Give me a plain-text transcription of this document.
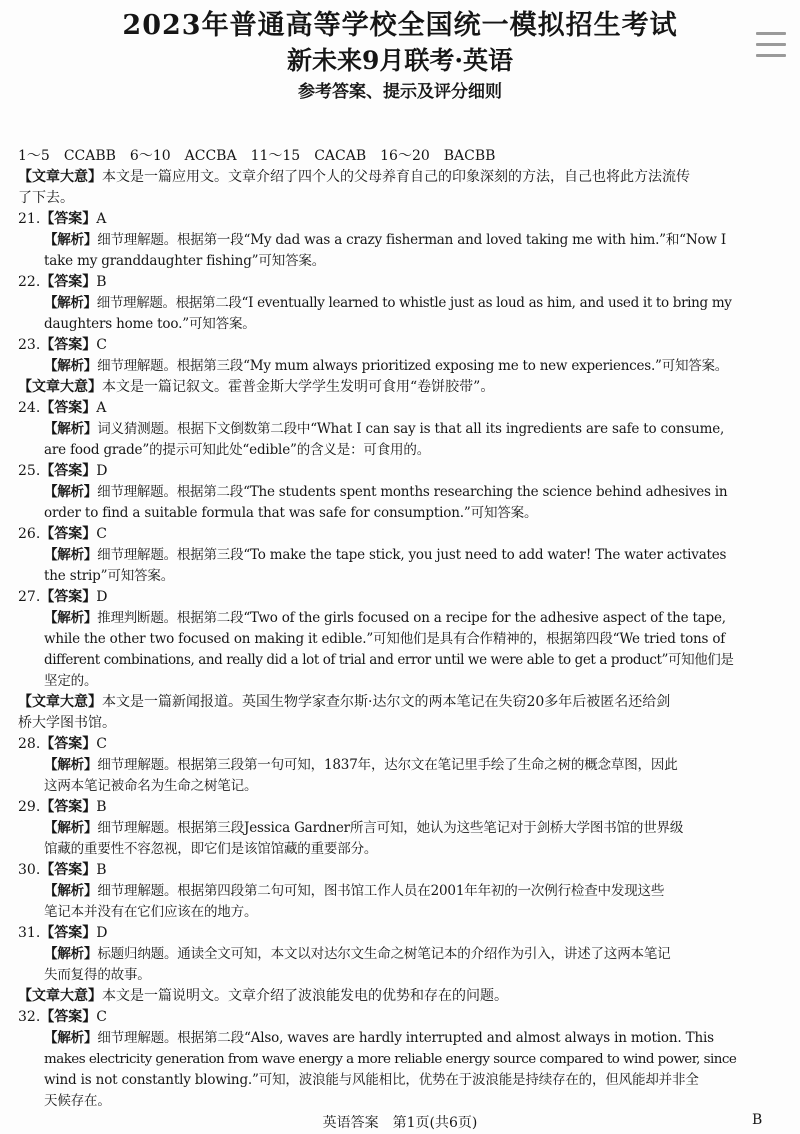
2023年普通高等学校全国统一模拟招生考试
新未来9月联考·英语
参考答案、提示及评分细则
1～5　CCABB　6～10　ACCBA　11～15　CACAB　16～20　BACBB
【文章大意】本文是一篇应用文。文章介绍了四个人的父母养育自己的印象深刻的方法，自己也将此方法流传
了下去。
21.【答案】A
【解析】细节理解题。根据第一段“My dad was a crazy fisherman and loved taking me with him.”和“Now I
take my granddaughter fishing”可知答案。
22.【答案】B
【解析】细节理解题。根据第二段“I eventually learned to whistle just as loud as him, and used it to bring my
daughters home too.”可知答案。
23.【答案】C
【解析】细节理解题。根据第三段“My mum always prioritized exposing me to new experiences.”可知答案。
【文章大意】本文是一篇记叙文。霍普金斯大学学生发明可食用“卷饼胶带”。
24.【答案】A
【解析】词义猜测题。根据下文倒数第二段中“What I can say is that all its ingredients are safe to consume,
are food grade”的提示可知此处“edible”的含义是：可食用的。
25.【答案】D
【解析】细节理解题。根据第二段“The students spent months researching the science behind adhesives in
order to find a suitable formula that was safe for consumption.”可知答案。
26.【答案】C
【解析】细节理解题。根据第三段“To make the tape stick, you just need to add water! The water activates
the strip”可知答案。
27.【答案】D
【解析】推理判断题。根据第二段“Two of the girls focused on a recipe for the adhesive aspect of the tape,
while the other two focused on making it edible.”可知他们是具有合作精神的，根据第四段“We tried tons of
different combinations, and really did a lot of trial and error until we were able to get a product”可知他们是
坚定的。
【文章大意】本文是一篇新闻报道。英国生物学家查尔斯·达尔文的两本笔记在失窃20多年后被匿名还给剑
桥大学图书馆。
28.【答案】C
【解析】细节理解题。根据第三段第一句可知，1837年，达尔文在笔记里手绘了生命之树的概念草图，因此
这两本笔记被命名为生命之树笔记。
29.【答案】B
【解析】细节理解题。根据第三段Jessica Gardner所言可知，她认为这些笔记对于剑桥大学图书馆的世界级
馆藏的重要性不容忽视，即它们是该馆馆藏的重要部分。
30.【答案】B
【解析】细节理解题。根据第四段第二句可知，图书馆工作人员在2001年年初的一次例行检查中发现这些
笔记本并没有在它们应该在的地方。
31.【答案】D
【解析】标题归纳题。通读全文可知，本文以对达尔文生命之树笔记本的介绍作为引入，讲述了这两本笔记
失而复得的故事。
【文章大意】本文是一篇说明文。文章介绍了波浪能发电的优势和存在的问题。
32.【答案】C
【解析】细节理解题。根据第二段“Also, waves are hardly interrupted and almost always in motion. This
makes electricity generation from wave energy a more reliable energy source compared to wind power, since
wind is not constantly blowing.”可知，波浪能与风能相比，优势在于波浪能是持续存在的，但风能却并非全
天候存在。
英语答案　第1页(共6页)	B
